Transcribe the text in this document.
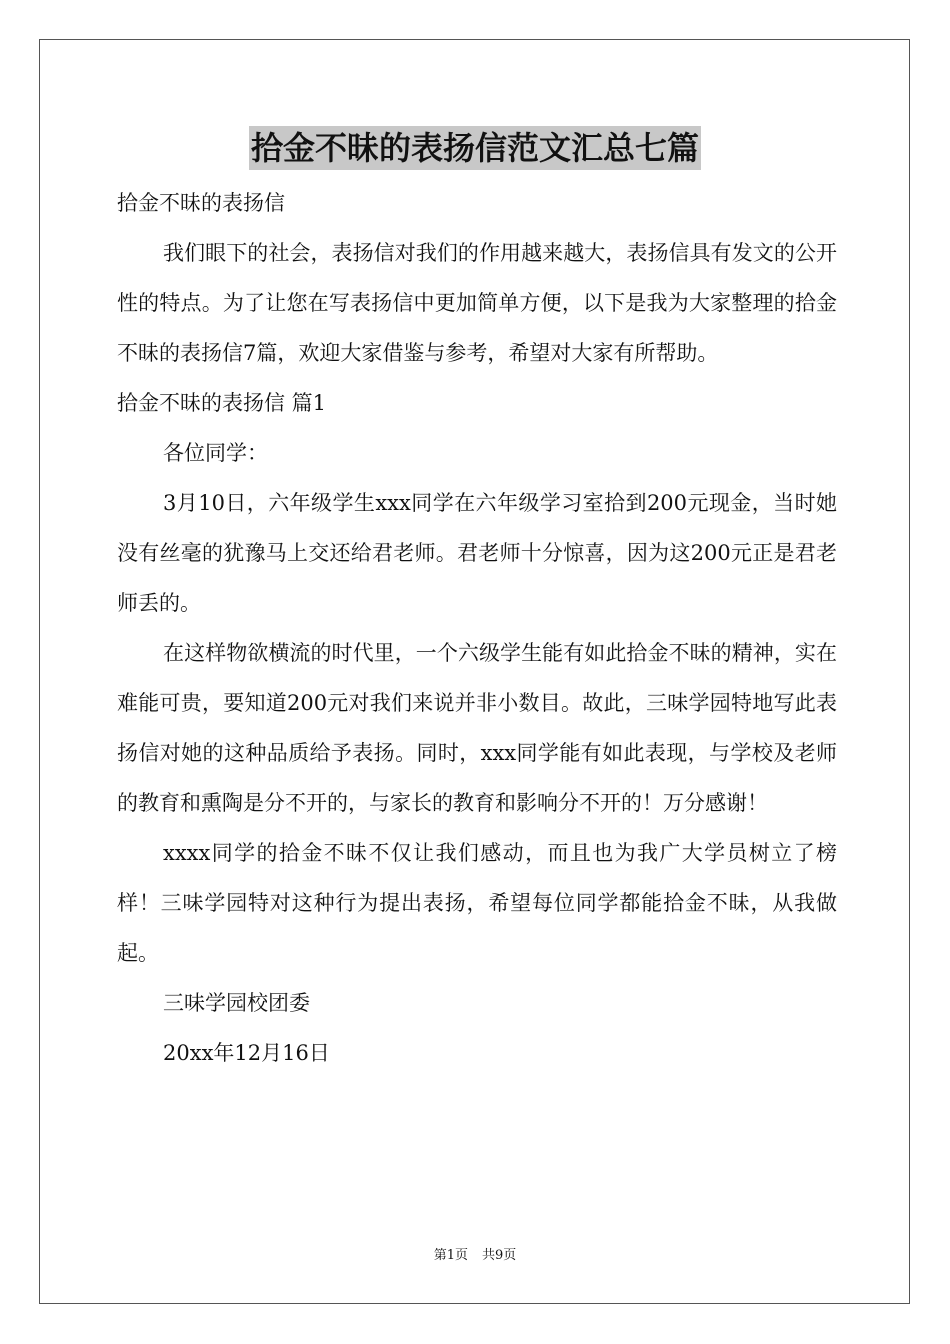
拾金不昧的表扬信范文汇总七篇

拾金不昧的表扬信

我们眼下的社会，表扬信对我们的作用越来越大，表扬信具有发文的公开性的特点。为了让您在写表扬信中更加简单方便，以下是我为大家整理的拾金不昧的表扬信7篇，欢迎大家借鉴与参考，希望对大家有所帮助。

拾金不昧的表扬信 篇1

各位同学：

3月10日，六年级学生xxx同学在六年级学习室拾到200元现金，当时她没有丝毫的犹豫马上交还给君老师。君老师十分惊喜，因为这200元正是君老师丢的。

在这样物欲横流的时代里，一个六级学生能有如此拾金不昧的精神，实在难能可贵，要知道200元对我们来说并非小数目。故此，三味学园特地写此表扬信对她的这种品质给予表扬。同时，xxx同学能有如此表现，与学校及老师的教育和熏陶是分不开的，与家长的教育和影响分不开的！万分感谢！

xxxx同学的拾金不昧不仅让我们感动，而且也为我广大学员树立了榜样！三味学园特对这种行为提出表扬，希望每位同学都能拾金不昧，从我做起。

三味学园校团委

20xx年12月16日

第1页 共9页
